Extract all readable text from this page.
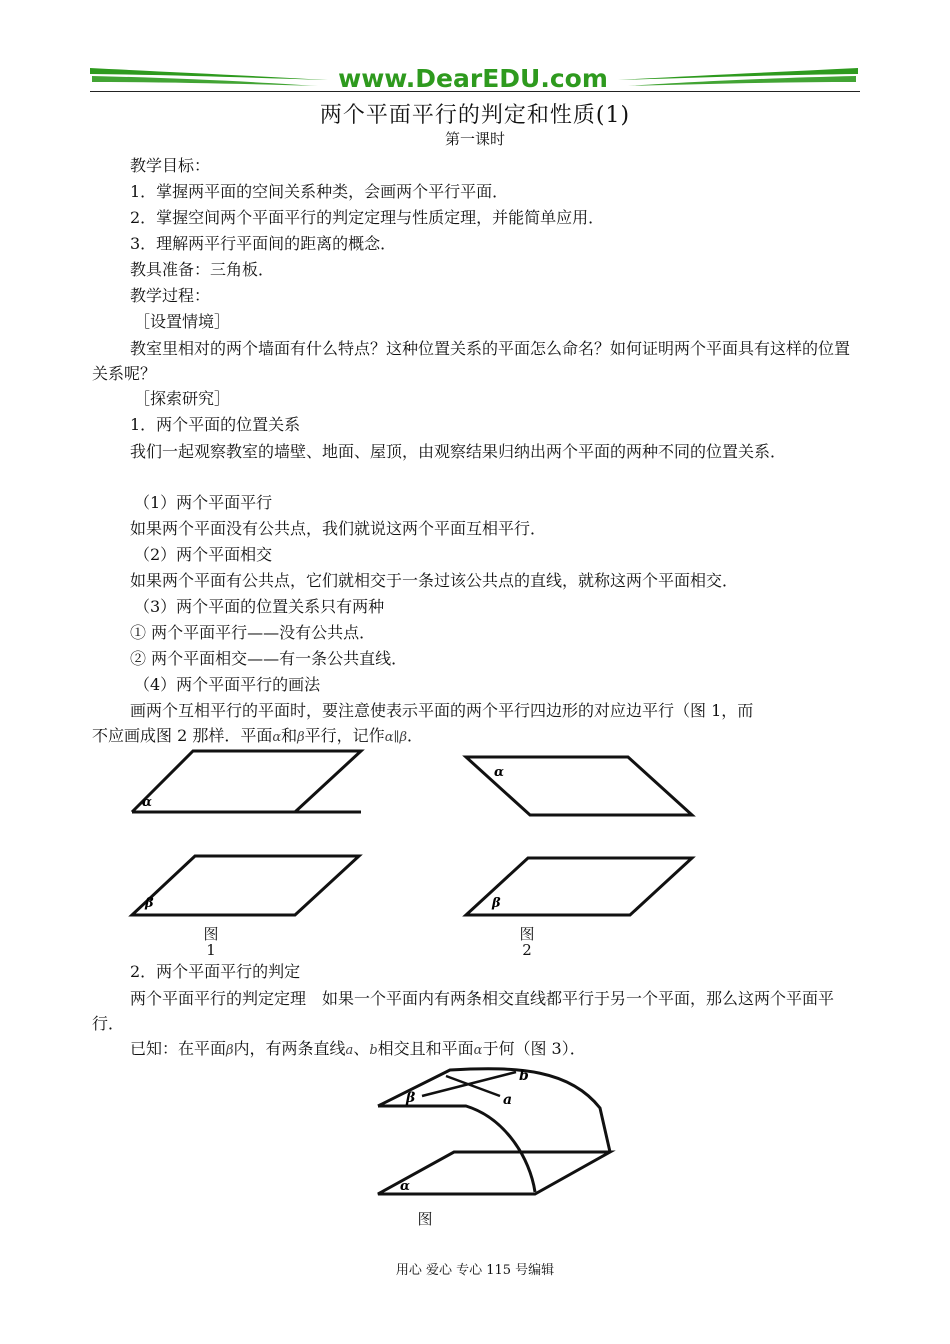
www.DearEDU.com
两个平面平行的判定和性质(1)
第一课时
教学目标：
1．掌握两平面的空间关系种类，会画两个平行平面．
2．掌握空间两个平面平行的判定定理与性质定理，并能简单应用．
3．理解两平行平面间的距离的概念．
教具准备：三角板．
教学过程：
［设置情境］
教室里相对的两个墙面有什么特点？这种位置关系的平面怎么命名？如何证明两个平面具有这样的位置关系呢？
［探索研究］
1．两个平面的位置关系
我们一起观察教室的墙壁、地面、屋顶，由观察结果归纳出两个平面的两种不同的位置关系．
（1）两个平面平行
如果两个平面没有公共点，我们就说这两个平面互相平行．
（2）两个平面相交
如果两个平面有公共点，它们就相交于一条过该公共点的直线，就称这两个平面相交．
（3）两个平面的位置关系只有两种
① 两个平面平行——没有公共点．
② 两个平面相交——有一条公共直线．
（4）两个平面平行的画法
画两个互相平行的平面时，要注意使表示平面的两个平行四边形的对应边平行（图 1，而
不应画成图 2 那样．平面α和β平行，记作α∥β．
α
β
图
1
α
β
图
2
2．两个平面平行的判定
两个平面平行的判定定理　如果一个平面内有两条相交直线都平行于另一个平面，那么这两个平面平行．
已知：在平面β内，有两条直线a、b相交且和平面α于何（图 3）．
β
b
a
α
图
用心 爱心 专心 115 号编辑
